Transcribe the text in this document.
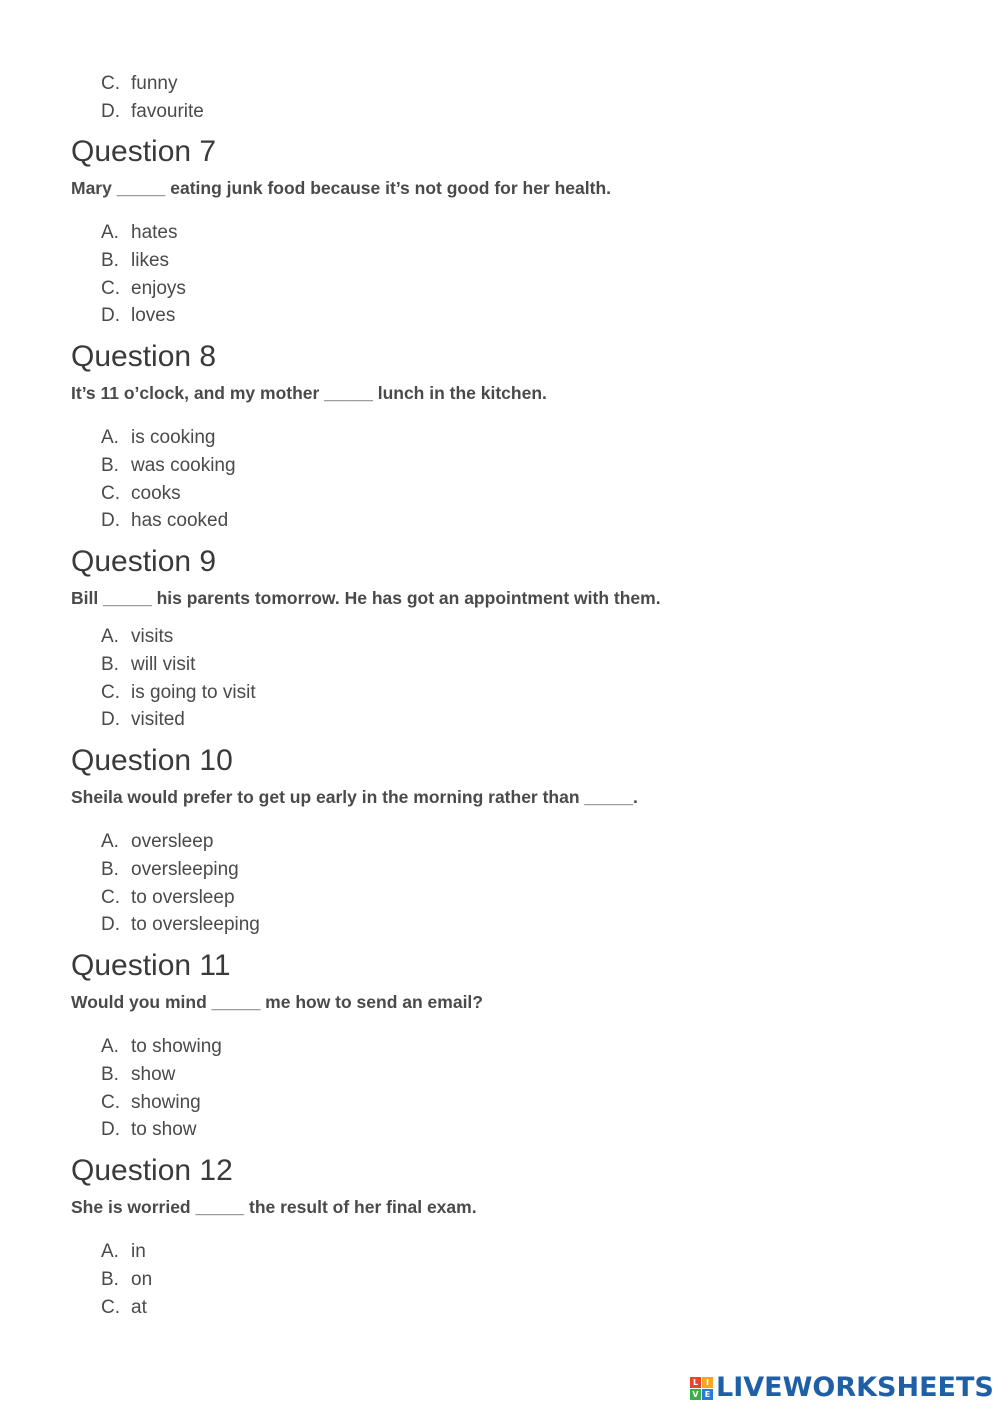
C. funny
D. favourite
Question 7

Mary _____ eating junk food because it’s not good for her health.

A. hates
B. likes
C. enjoys
D. loves
Question 8

It’s 11 o’clock, and my mother _____ lunch in the kitchen.

A. is cooking
B. was cooking
C. cooks
D. has cooked
Question 9

Bill _____ his parents tomorrow. He has got an appointment with them.

A. visits
B. will visit
C. is going to visit
D. visited
Question 10

Sheila would prefer to get up early in the morning rather than _____.

A. oversleep
B. oversleeping
C. to oversleep
D. to oversleeping
Question 11

Would you mind _____ me how to send an email?

A. to showing
B. show
C. showing
D. to show
Question 12

She is worried _____ the result of her final exam.

A. in
B. on
C. at
L I
V E LIVEWORKSHEETS
